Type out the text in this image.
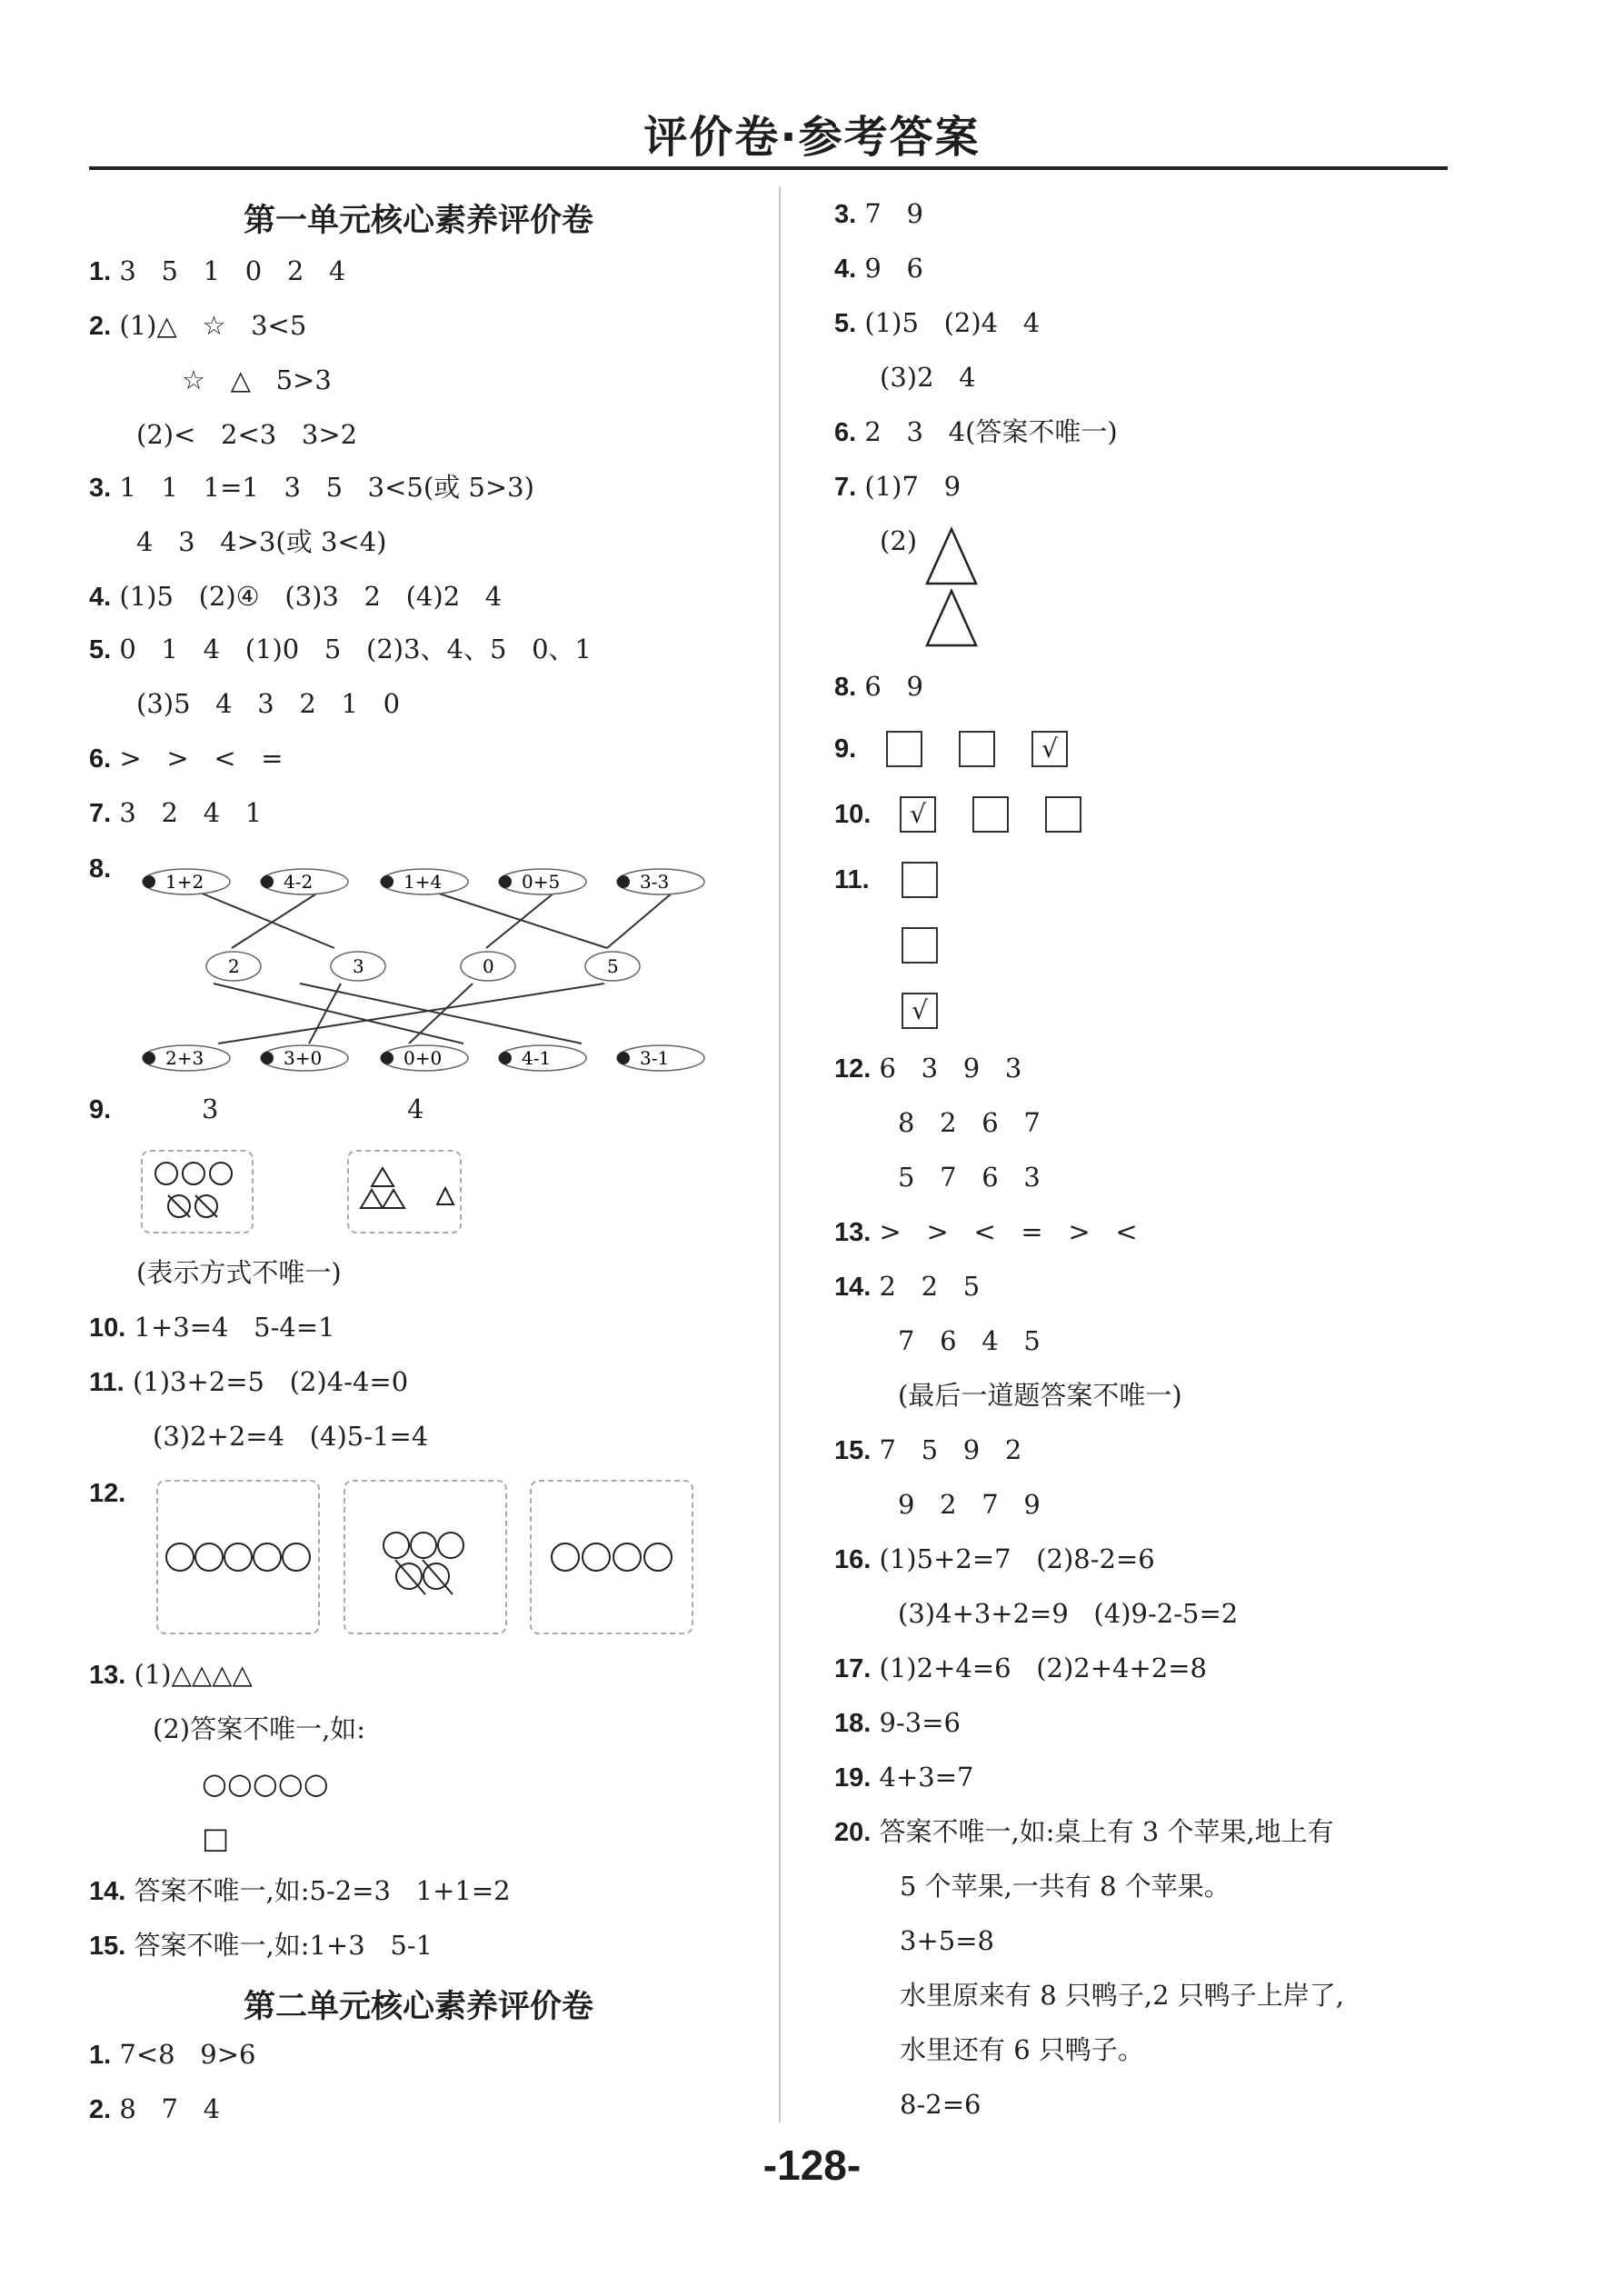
评价卷·参考答案
第一单元核心素养评价卷
1. 3   5   1   0   2   4
2. (1)△   ☆   3<5
☆   △   5>3
(2)<   2<3   3>2
3. 1   1   1=1   3   5   3<5(或 5>3)
4   3   4>3(或 3<4)
4. (1)5   (2)④   (3)3   2   (4)2   4
5. 0   1   4   (1)0   5   (2)3、4、5   0、1
(3)5   4   3   2   1   0
6. >   >   <   =
7. 3   2   4   1
8.	1+2	4-2	1+4	0+5	3-3
2	3	0	5
2+3	3+0	0+0	4-1	3-1
9.	3	4
(表示方式不唯一)
10. 1+3=4   5-4=1
11. (1)3+2=5   (2)4-4=0
(3)2+2=4   (4)5-1=4
12.
13. (1)△△△△
(2)答案不唯一,如:
○○○○○
□
14. 答案不唯一,如:5-2=3   1+1=2
15. 答案不唯一,如:1+3   5-1
第二单元核心素养评价卷
1. 7<8   9>6
2. 8   7   4
3. 7   9
4. 9   6
5. (1)5   (2)4   4
(3)2   4
6. 2   3   4(答案不唯一)
7. (1)7   9
(2)
8. 6   9
9.
10.
11.
12. 6   3   9   3
8   2   6   7
5   7   6   3
13. >   >   <   =   >   <
14. 2   2   5
7   6   4   5
(最后一道题答案不唯一)
15. 7   5   9   2
9   2   7   9
16. (1)5+2=7   (2)8-2=6
(3)4+3+2=9   (4)9-2-5=2
17. (1)2+4=6   (2)2+4+2=8
18. 9-3=6
19. 4+3=7
20. 答案不唯一,如:桌上有 3 个苹果,地上有
5 个苹果,一共有 8 个苹果。
3+5=8
水里原来有 8 只鸭子,2 只鸭子上岸了,
水里还有 6 只鸭子。
8-2=6
-128-
√
√
√
